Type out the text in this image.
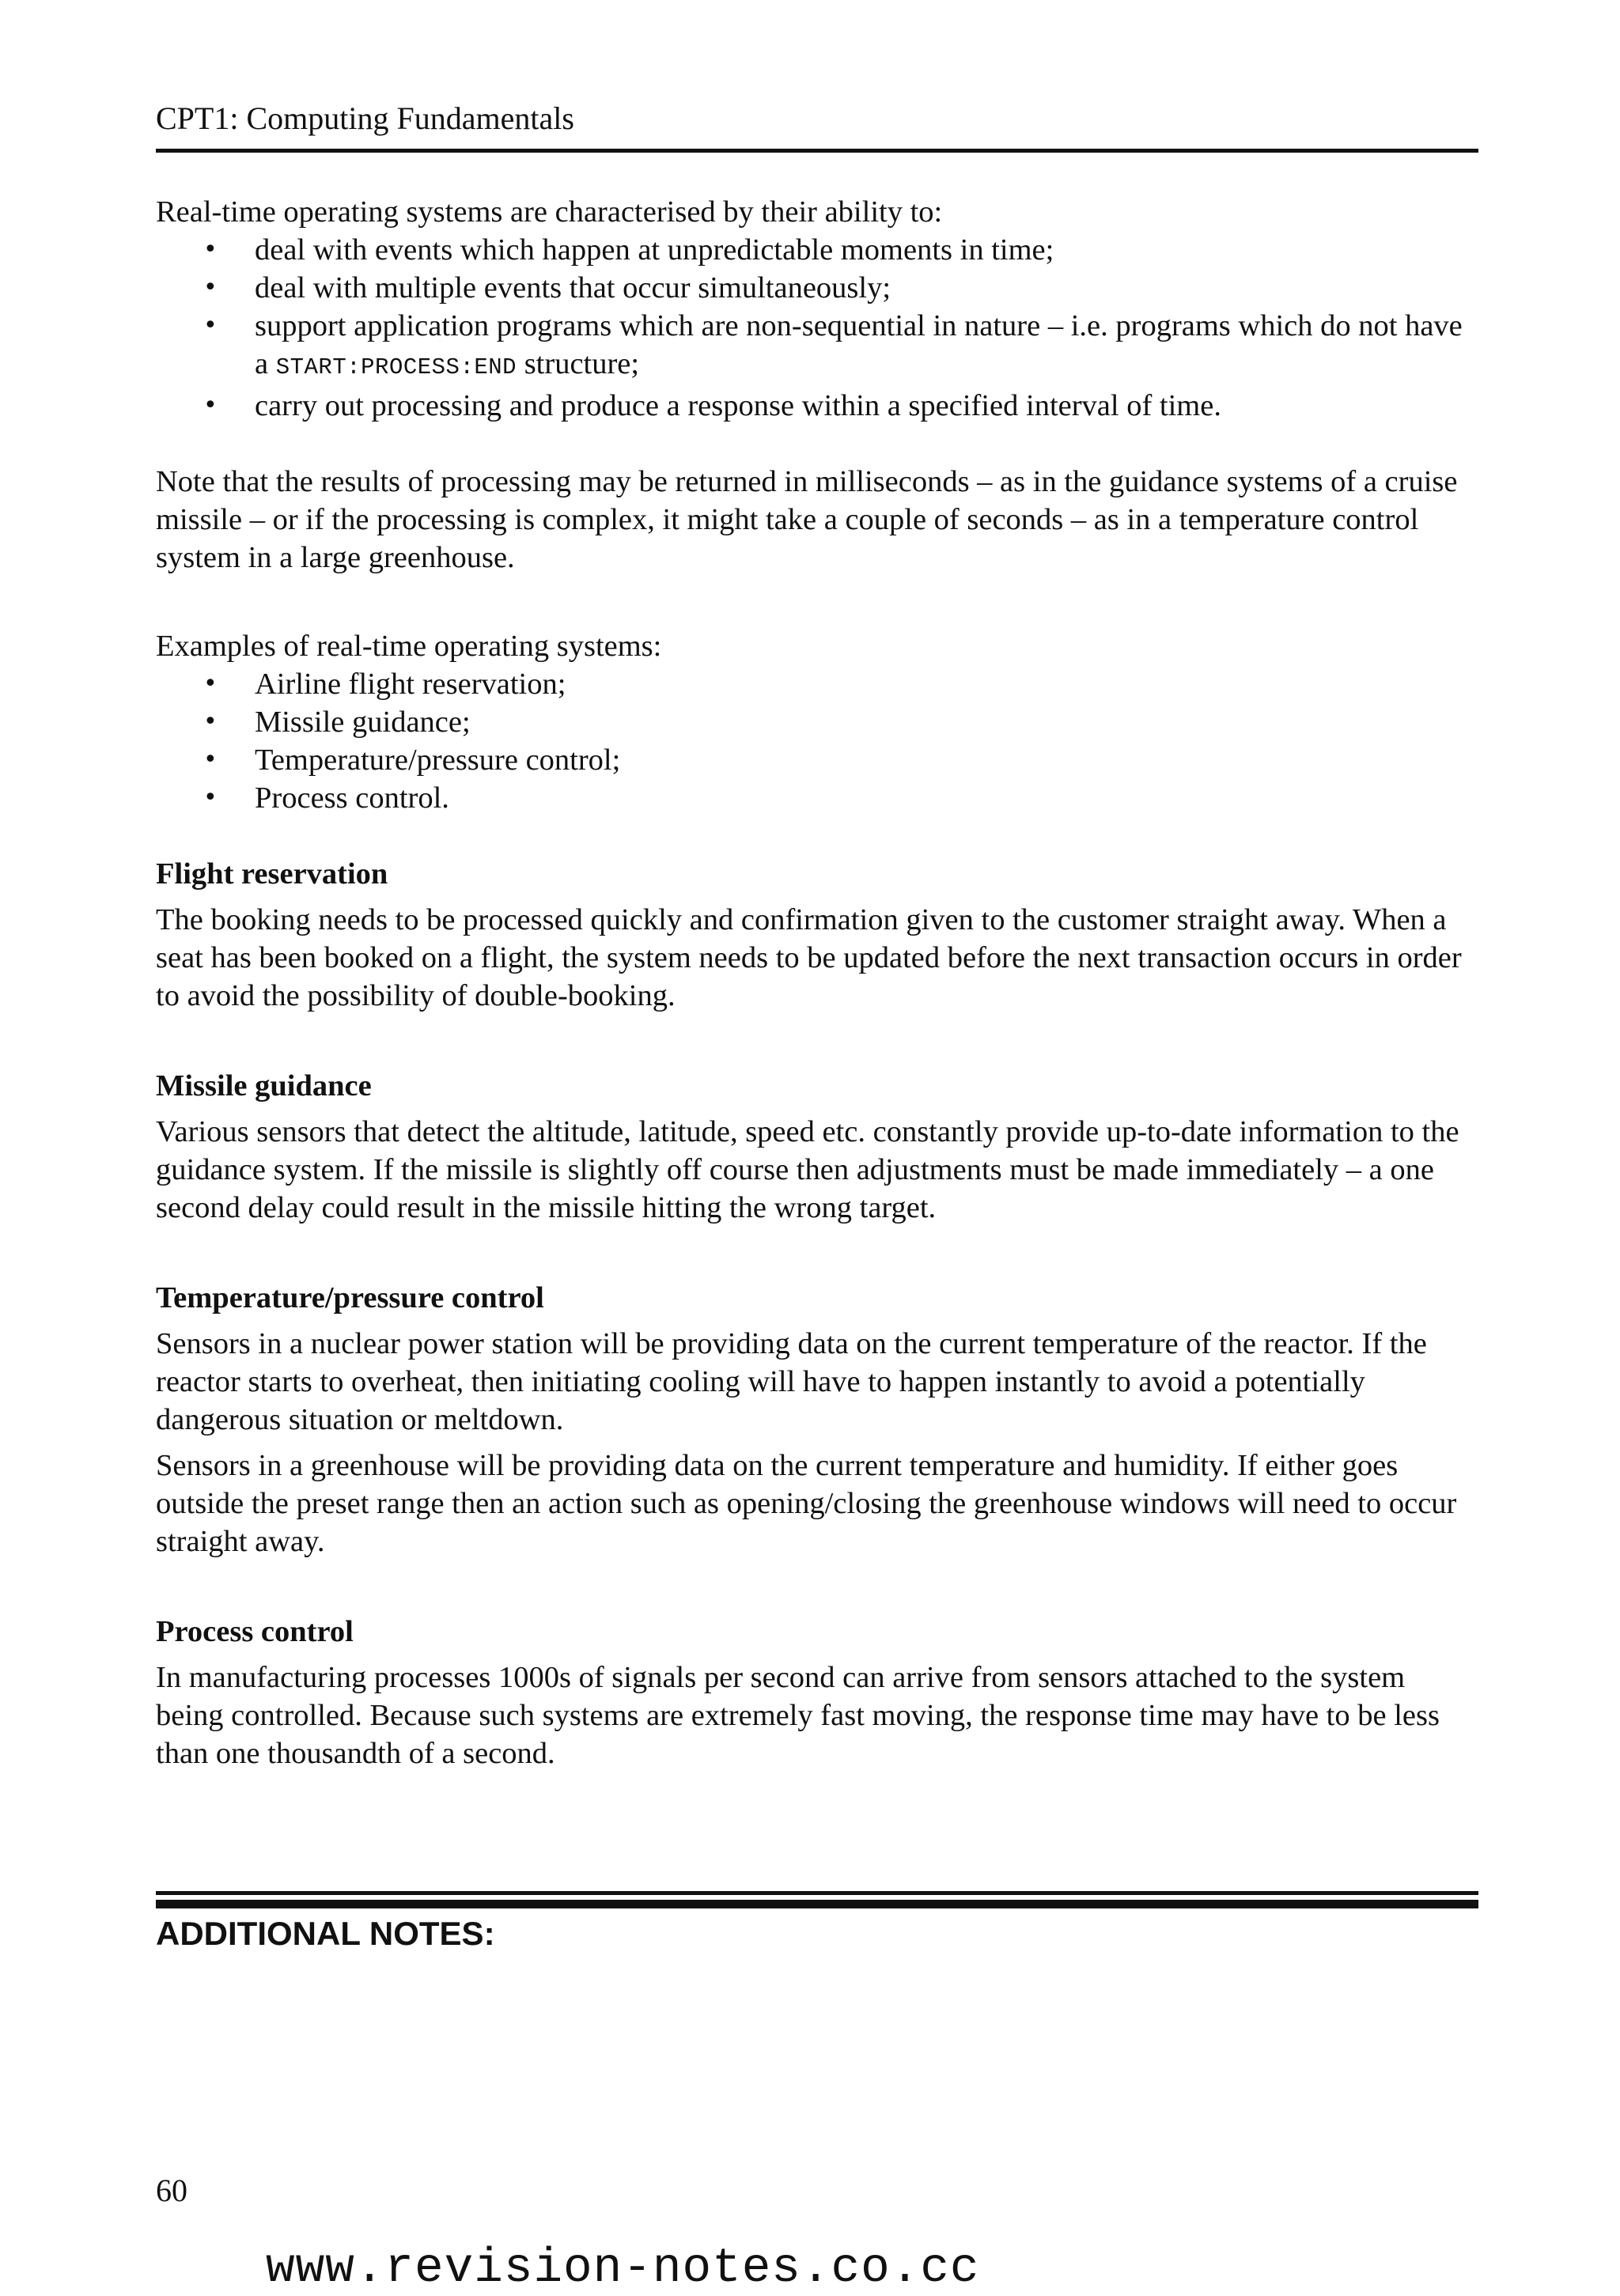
CPT1: Computing Fundamentals

Real-time operating systems are characterised by their ability to:

• deal with events which happen at unpredictable moments in time;
• deal with multiple events that occur simultaneously;
• support application programs which are non-sequential in nature – i.e. programs which do not have a START:PROCESS:END structure;
• carry out processing and produce a response within a specified interval of time.

Note that the results of processing may be returned in milliseconds – as in the guidance systems of a cruise missile – or if the processing is complex, it might take a couple of seconds – as in a temperature control system in a large greenhouse.

Examples of real-time operating systems:

• Airline flight reservation;
• Missile guidance;
• Temperature/pressure control;
• Process control.
Flight reservation

The booking needs to be processed quickly and confirmation given to the customer straight away. When a seat has been booked on a flight, the system needs to be updated before the next transaction occurs in order to avoid the possibility of double-booking.

Missile guidance

Various sensors that detect the altitude, latitude, speed etc. constantly provide up-to-date information to the guidance system. If the missile is slightly off course then adjustments must be made immediately – a one second delay could result in the missile hitting the wrong target.

Temperature/pressure control

Sensors in a nuclear power station will be providing data on the current temperature of the reactor. If the reactor starts to overheat, then initiating cooling will have to happen instantly to avoid a potentially dangerous situation or meltdown.

Sensors in a greenhouse will be providing data on the current temperature and humidity. If either goes outside the preset range then an action such as opening/closing the greenhouse windows will need to occur straight away.

Process control

In manufacturing processes 1000s of signals per second can arrive from sensors attached to the system being controlled. Because such systems are extremely fast moving, the response time may have to be less than one thousandth of a second.

ADDITIONAL NOTES:
60
www.revision-notes.co.cc
